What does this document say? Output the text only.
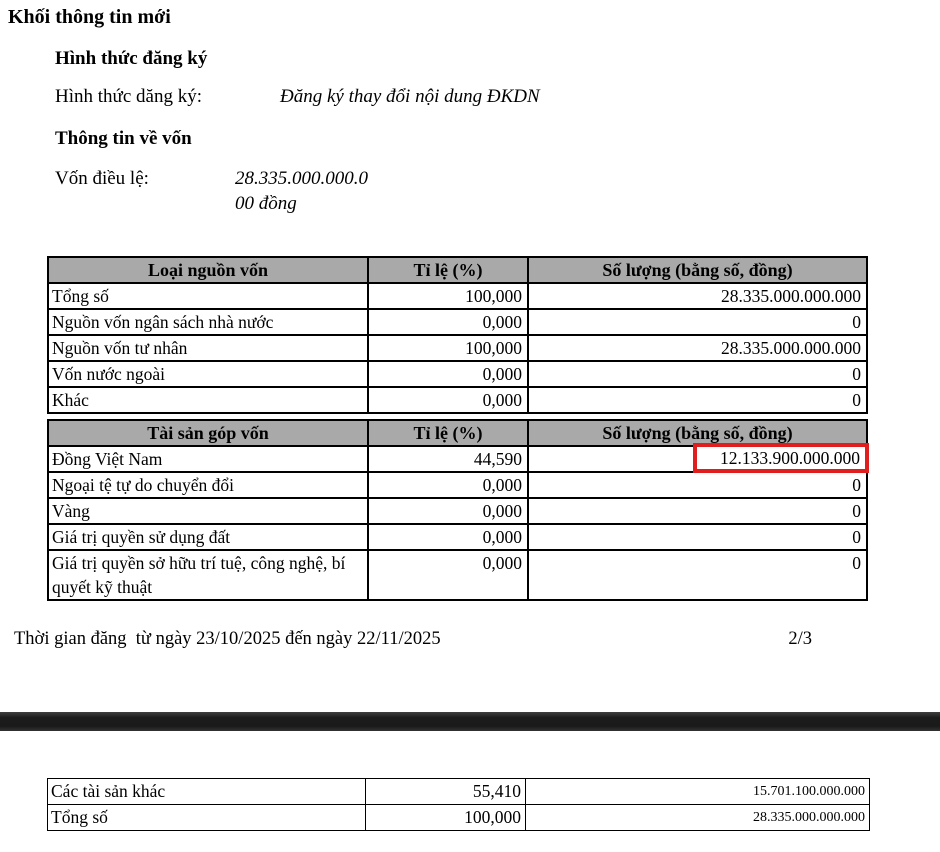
Khối thông tin mới
Hình thức đăng ký
Hình thức dăng ký:	Đăng ký thay đổi nội dung ĐKDN
Thông tin về vốn
Vốn điều lệ:	28.335.000.000.0
00 đồng
Loại nguồn vốn	Tỉ lệ (%)	Số lượng (bằng số, đồng)
Tổng số	100,000	28.335.000.000.000
Nguồn vốn ngân sách nhà nước	0,000	0
Nguồn vốn tư nhân	100,000	28.335.000.000.000
Vốn nước ngoài	0,000	0
Khác	0,000	0
Tài sản góp vốn	Tỉ lệ (%)	Số lượng (bằng số, đồng)
Đồng Việt Nam	44,590	12.133.900.000.000

Ngoại tệ tự do chuyển đổi	0,000	0
Vàng	0,000	0
Giá trị quyền sử dụng đất	0,000	0
Giá trị quyền sở hữu trí tuệ, công nghệ, bí quyết kỹ thuật	0,000	0
Thời gian đăng  từ ngày 23/10/2025 đến ngày 22/11/2025	2/3
Các tài sản khác	55,410	15.701.100.000.000
Tổng số	100,000	28.335.000.000.000
